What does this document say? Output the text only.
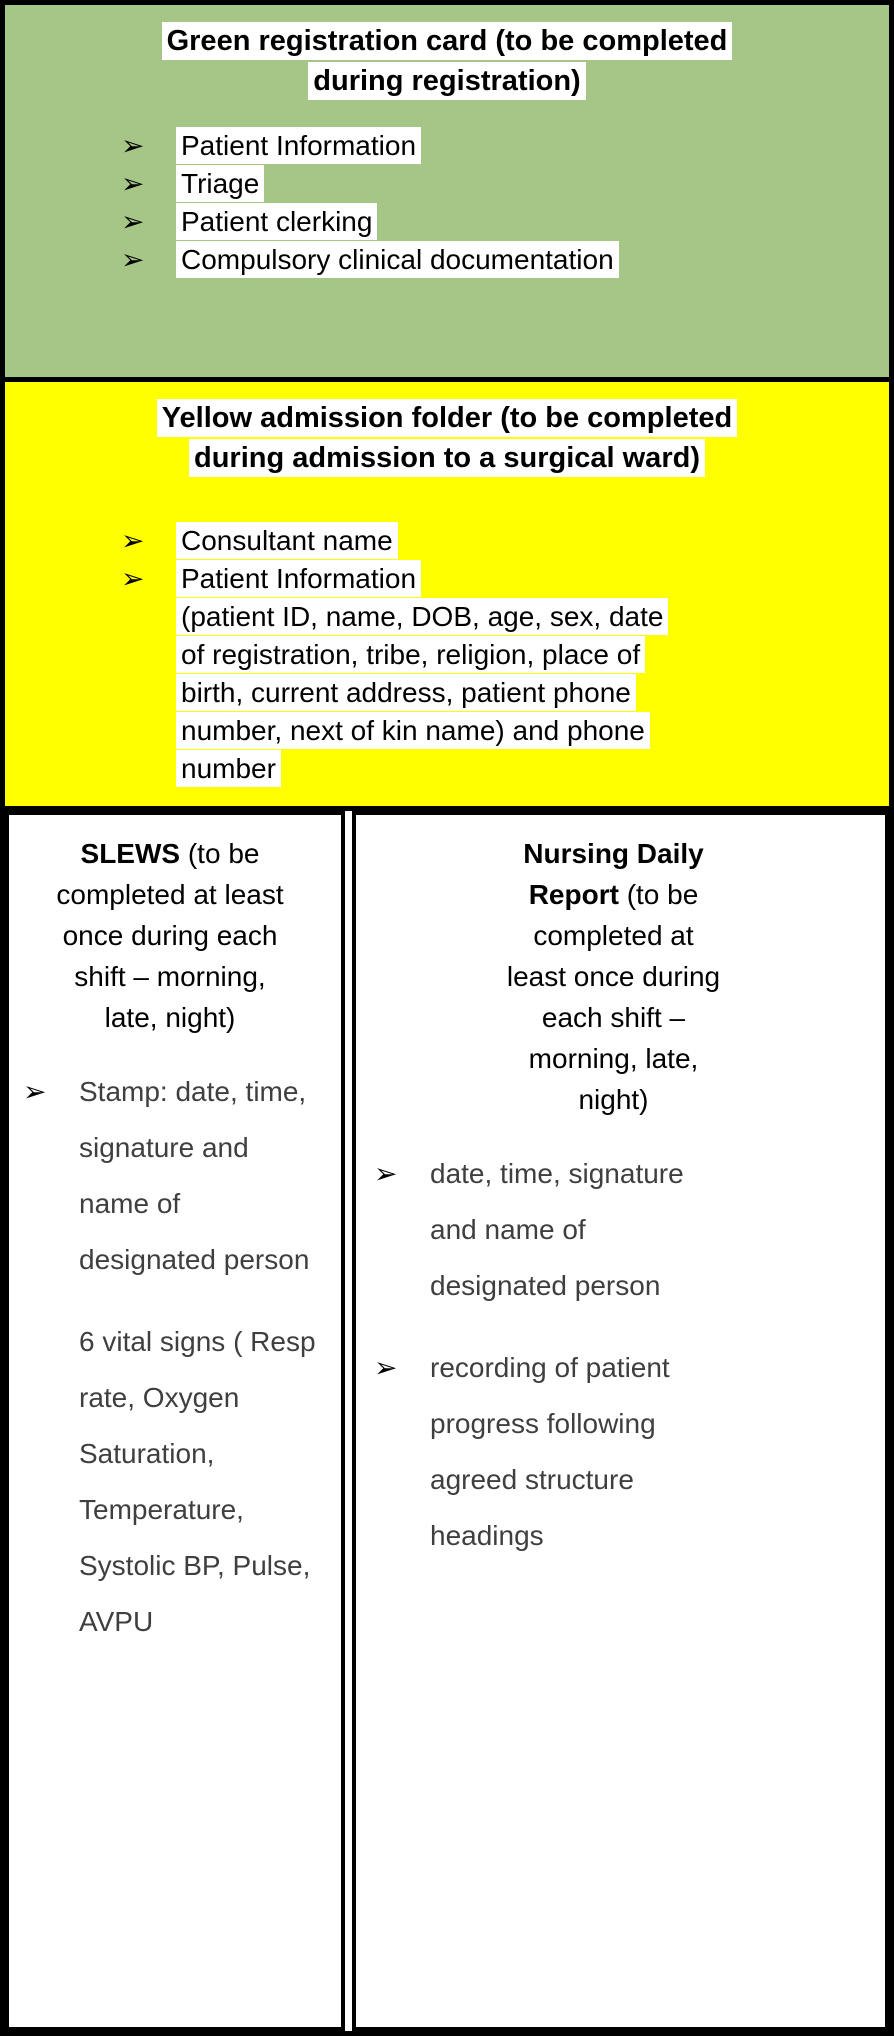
Green registration card (to be completed during registration)
➢ Patient Information
➢ Triage
➢ Patient clerking
➢ Compulsory clinical documentation
Yellow admission folder (to be completed during admission to a surgical ward)
➢ Consultant name
➢ Patient Information
(patient ID, name, DOB, age, sex, date of registration, tribe, religion, place of birth, current address, patient phone number, next of kin name) and phone number
SLEWS (to be completed at least once during each shift – morning, late, night)
➢ Stamp: date, time, signature and name of designated person
6 vital signs ( Resp rate, Oxygen Saturation, Temperature, Systolic BP, Pulse, AVPU
Nursing Daily Report (to be completed at least once during each shift – morning, late, night)
➢ date, time, signature and name of designated person
➢ recording of patient progress following agreed structure headings
